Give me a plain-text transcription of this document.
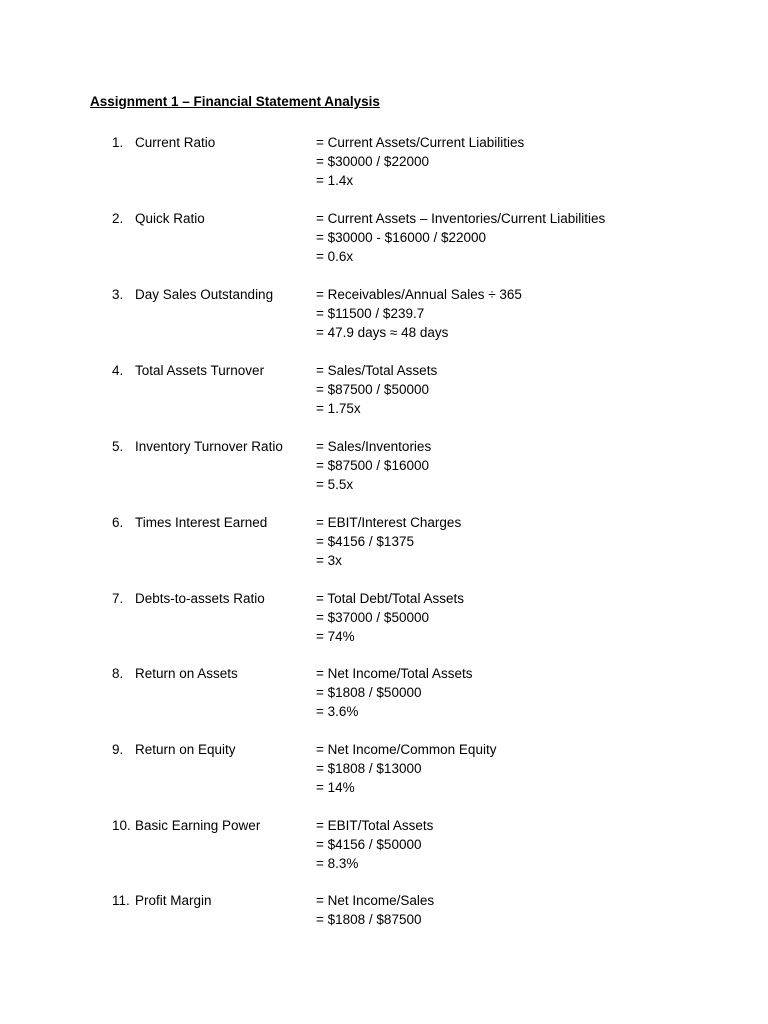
Assignment 1 – Financial Statement Analysis
1. Current Ratio	= Current Assets/Current Liabilities
= $30000 / $22000
= 1.4x
2. Quick Ratio	= Current Assets – Inventories/Current Liabilities
= $30000 - $16000 / $22000
= 0.6x
3. Day Sales Outstanding	= Receivables/Annual Sales ÷ 365
= $11500 / $239.7
= 47.9 days ≈ 48 days
4. Total Assets Turnover	= Sales/Total Assets
= $87500 / $50000
= 1.75x
5. Inventory Turnover Ratio = Sales/Inventories
= $87500 / $16000
= 5.5x
6. Times Interest Earned	= EBIT/Interest Charges
= $4156 / $1375
= 3x
7. Debts-to-assets Ratio	= Total Debt/Total Assets
= $37000 / $50000
= 74%
8. Return on Assets	= Net Income/Total Assets
= $1808 / $50000
= 3.6%
9. Return on Equity	= Net Income/Common Equity
= $1808 / $13000
= 14%
10. Basic Earning Power	= EBIT/Total Assets
= $4156 / $50000
= 8.3%
11. Profit Margin	= Net Income/Sales
= $1808 / $87500
